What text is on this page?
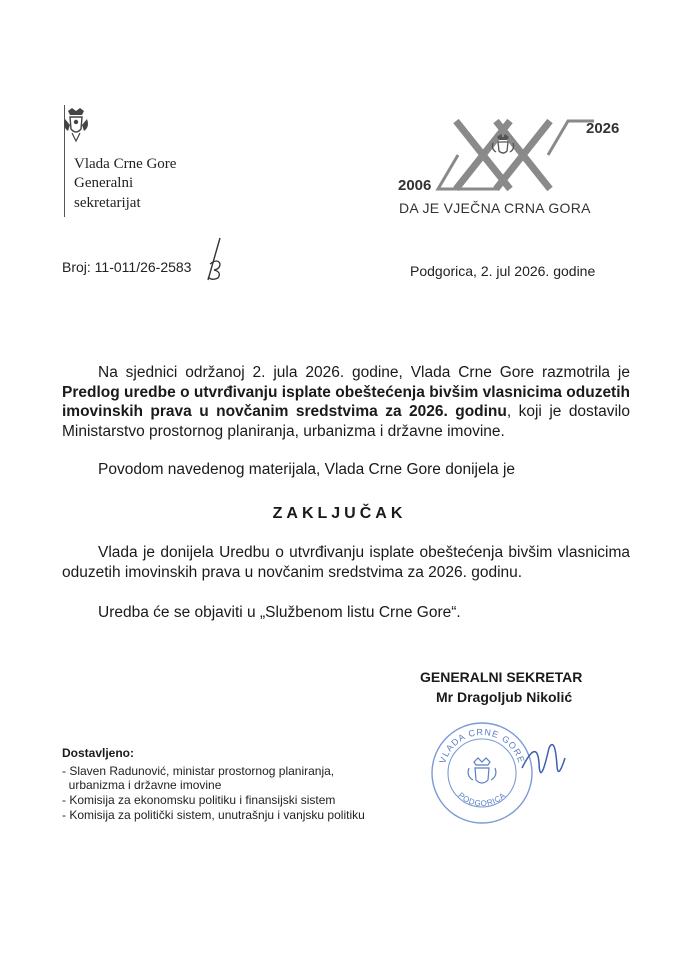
Vlada Crne Gore
Generalni
sekretarijat
2026
2006
DA JE VJEČNA CRNA GORA
Broj: 11-011/26-2583	Podgorica, 2. jul 2026. godine
Na sjednici održanoj 2. jula 2026. godine, Vlada Crne Gore razmotrila je Predlog uredbe o utvrđivanju isplate obeštećenja bivšim vlasnicima oduzetih imovinskih prava u novčanim sredstvima za 2026. godinu, koji je dostavilo Ministarstvo prostornog planiranja, urbanizma i državne imovine.
Povodom navedenog materijala, Vlada Crne Gore donijela je
ZAKLJUČAK
Vlada je donijela Uredbu o utvrđivanju isplate obeštećenja bivšim vlasnicima oduzetih imovinskih prava u novčanim sredstvima za 2026. godinu.
Uredba će se objaviti u „Službenom listu Crne Gore“.
GENERALNI SEKRETAR
Mr Dragoljub Nikolić
VLADA CRNE GORE
PODGORICA
Dostavljeno:
- Slaven Radunović, ministar prostornog planiranja,
urbanizma i državne imovine
- Komisija za ekonomsku politiku i finansijski sistem
- Komisija za politički sistem, unutrašnju i vanjsku politiku
